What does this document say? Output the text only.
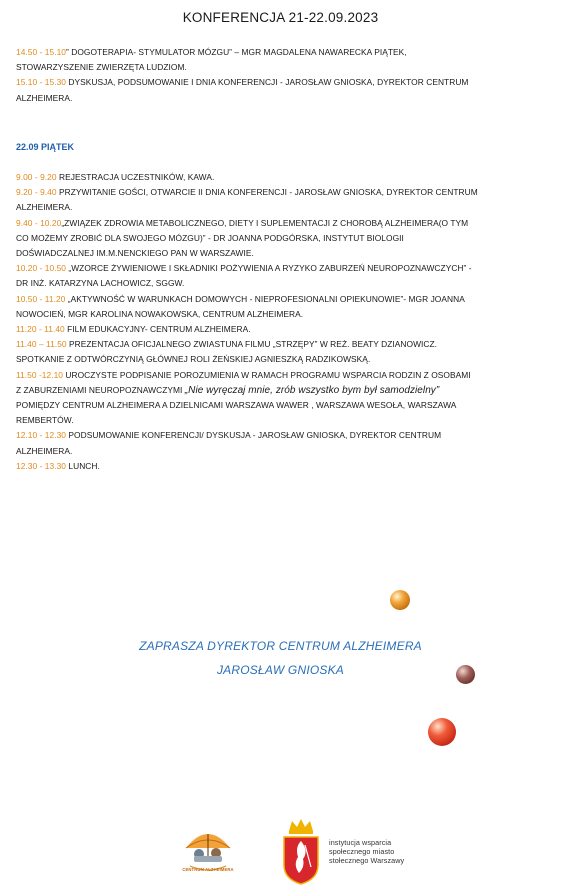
KONFERENCJA 21-22.09.2023
14.50 - 15.10” DOGOTERAPIA- STYMULATOR MÓZGU” – MGR MAGDALENA NAWARECKA PIĄTEK,
STOWARZYSZENIE ZWIERZĘTA LUDZIOM.
15.10 - 15.30 DYSKUSJA, PODSUMOWANIE I DNIA KONFERENCJI - JAROSŁAW GNIOSKA, DYREKTOR CENTRUM
ALZHEIMERA.
22.09 PIĄTEK
9.00 - 9.20 REJESTRACJA UCZESTNIKÓW, KAWA.
9.20 - 9.40 PRZYWITANIE GOŚCI, OTWARCIE II DNIA KONFERENCJI - JAROSŁAW GNIOSKA, DYREKTOR CENTRUM
ALZHEIMERA.
9.40 - 10.20„ZWIĄZEK ZDROWIA METABOLICZNEGO, DIETY I SUPLEMENTACJI Z CHOROBĄ ALZHEIMERA(O TYM
CO MOŻEMY ZROBIĆ DLA SWOJEGO MÓZGU)” - DR JOANNA PODGÓRSKA, INSTYTUT BIOLOGII
DOŚWIADCZALNEJ IM.M.NENCKIEGO PAN W WARSZAWIE.
10.20 - 10.50 „WZORCE ŻYWIENIOWE I SKŁADNIKI POŻYWIENIA A RYZYKO ZABURZEŃ NEUROPOZNAWCZYCH” -
DR INŻ. KATARZYNA LACHOWICZ, SGGW.
10.50 - 11.20 „AKTYWNOŚĆ W WARUNKACH DOMOWYCH - NIEPROFESIONALNI OPIEKUNOWIE”- MGR JOANNA
NOWOCIEŃ, MGR KAROLINA NOWAKOWSKA, CENTRUM ALZHEIMERA.
11.20 - 11.40 FILM EDUKACYJNY- CENTRUM ALZHEIMERA.
11.40 – 11.50 PREZENTACJA OFICJALNEGO ZWIASTUNA FILMU „STRZĘPY” W REŻ. BEATY DZIANOWICZ.
SPOTKANIE Z ODTWÓRCZYNIĄ GŁÓWNEJ ROLI ŻEŃSKIEJ AGNIESZKĄ RADZIKOWSKĄ.
11.50 -12.10 UROCZYSTE PODPISANIE POROZUMIENIA W RAMACH PROGRAMU WSPARCIA RODZIN Z OSOBAMI
Z ZABURZENIAMI NEUROPOZNAWCZYMI „Nie wyręczaj mnie, zrób wszystko bym był samodzielny”
POMIĘDZY CENTRUM ALZHEIMERA A DZIELNICAMI WARSZAWA WAWER , WARSZAWA WESOŁA, WARSZAWA
REMBERTÓW.
12.10 - 12.30 PODSUMOWANIE KONFERENCJI/ DYSKUSJA - JAROSŁAW GNIOSKA, DYREKTOR CENTRUM
ALZHEIMERA.
12.30 - 13.30 LUNCH.
ZAPRASZA DYREKTOR CENTRUM ALZHEIMERA
JAROSŁAW GNIOSKA
CENTRUM ALZHEIMERA
instytucja wsparcia
społecznego miasto
stołecznego Warszawy
